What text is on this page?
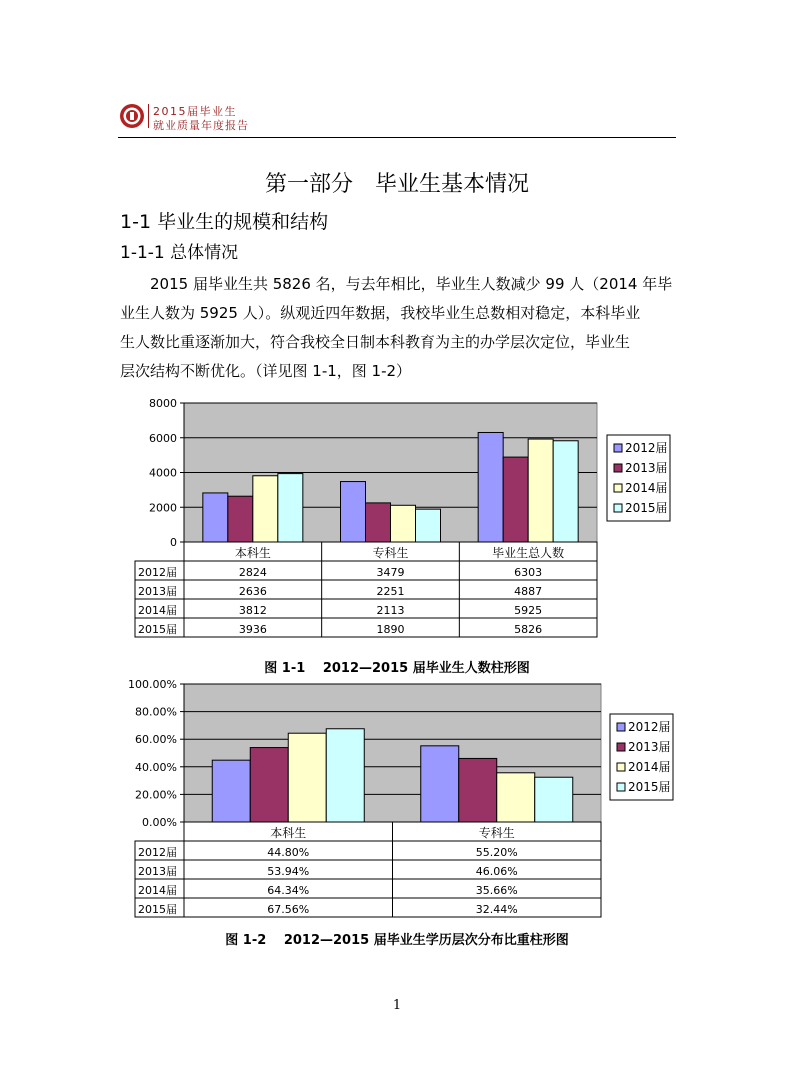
2015届毕业生
就业质量年度报告
第一部分　毕业生基本情况
1-1 毕业生的规模和结构
1-1-1 总体情况
2015 届毕业生共 5826 名，与去年相比，毕业生人数减少 99 人（2014 年毕
业生人数为 5925 人）。纵观近四年数据，我校毕业生总数相对稳定，本科毕业
生人数比重逐渐加大，符合我校全日制本科教育为主的办学层次定位，毕业生
层次结构不断优化。（详见图 1-1，图 1-2）
0
2000
4000
6000
8000
本科生	专科生	毕业生总人数
2012届	2824	3479	6303
2013届	2636	2251	4887
2014届	3812	2113	5925
2015届	3936	1890	5826
2012届
2013届
2014届
2015届
图 1-1　 2012—2015 届毕业生人数柱形图
0.00%
20.00%
40.00%
60.00%
80.00%
100.00%
本科生	专科生
2012届	44.80%	55.20%
2013届	53.94%	46.06%
2014届	64.34%	35.66%
2015届	67.56%	32.44%
2012届
2013届
2014届
2015届
图 1-2　 2012—2015 届毕业生学历层次分布比重柱形图
1
